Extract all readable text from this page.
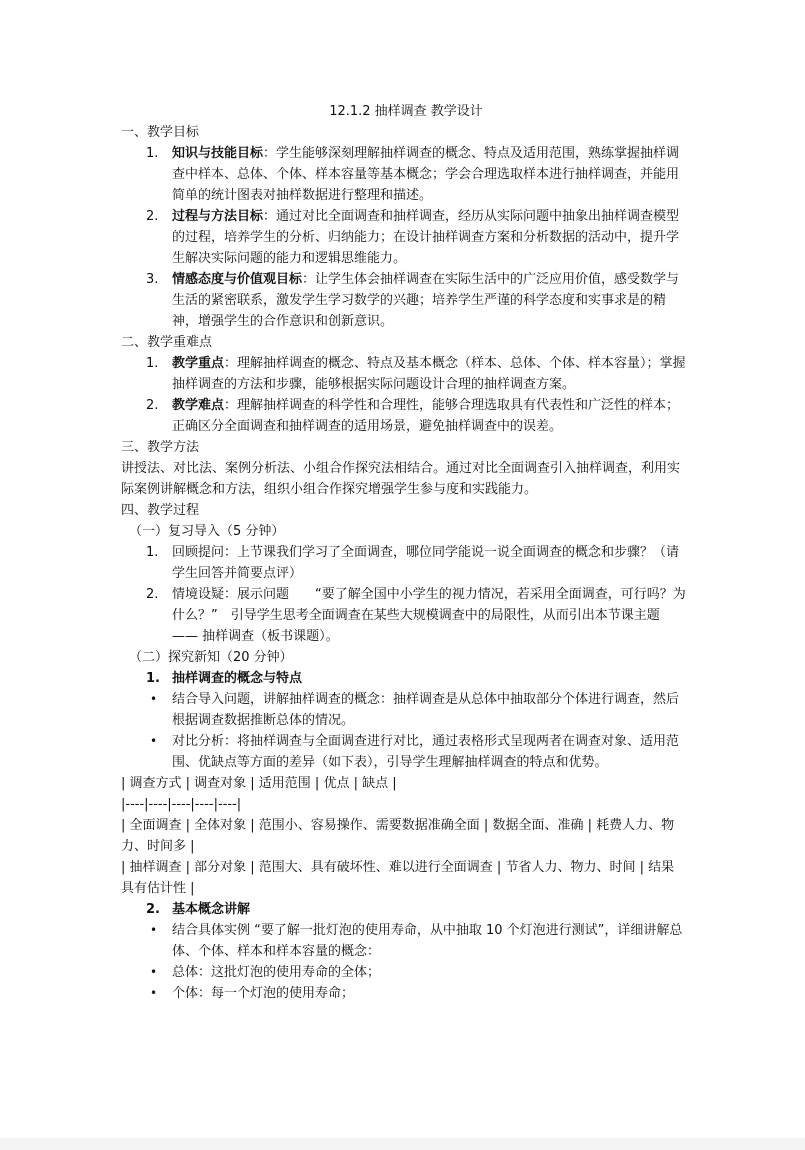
12.1.2 抽样调查 教学设计
一、教学目标
1. 知识与技能目标：学生能够深刻理解抽样调查的概念、特点及适用范围，熟练掌握抽样调查中样本、总体、个体、样本容量等基本概念；学会合理选取样本进行抽样调查，并能用简单的统计图表对抽样数据进行整理和描述。
2. 过程与方法目标：通过对比全面调查和抽样调查，经历从实际问题中抽象出抽样调查模型的过程，培养学生的分析、归纳能力；在设计抽样调查方案和分析数据的活动中，提升学生解决实际问题的能力和逻辑思维能力。
3. 情感态度与价值观目标：让学生体会抽样调查在实际生活中的广泛应用价值，感受数学与生活的紧密联系，激发学生学习数学的兴趣；培养学生严谨的科学态度和实事求是的精神，增强学生的合作意识和创新意识。
二、教学重难点
1. 教学重点：理解抽样调查的概念、特点及基本概念（样本、总体、个体、样本容量）；掌握抽样调查的方法和步骤，能够根据实际问题设计合理的抽样调查方案。
2. 教学难点：理解抽样调查的科学性和合理性，能够合理选取具有代表性和广泛性的样本；正确区分全面调查和抽样调查的适用场景，避免抽样调查中的误差。
三、教学方法
讲授法、对比法、案例分析法、小组合作探究法相结合。通过对比全面调查引入抽样调查，利用实际案例讲解概念和方法，组织小组合作探究增强学生参与度和实践能力。
四、教学过程
（一）复习导入（5 分钟）
1. 回顾提问：上节课我们学习了全面调查，哪位同学能说一说全面调查的概念和步骤？（请学生回答并简要点评）
2. 情境设疑：展示问题　　“要了解全国中小学生的视力情况，若采用全面调查，可行吗？为什么？”　引导学生思考全面调查在某些大规模调查中的局限性，从而引出本节课主题 —— 抽样调查（板书课题）。
（二）探究新知（20 分钟）
1. 抽样调查的概念与特点
• 结合导入问题，讲解抽样调查的概念：抽样调查是从总体中抽取部分个体进行调查，然后根据调查数据推断总体的情况。
• 对比分析：将抽样调查与全面调查进行对比，通过表格形式呈现两者在调查对象、适用范围、优缺点等方面的差异（如下表），引导学生理解抽样调查的特点和优势。
| 调查方式 | 调查对象 | 适用范围 | 优点 | 缺点 |
|----|----|----|----|----|
| 全面调查 | 全体对象 | 范围小、容易操作、需要数据准确全面 | 数据全面、准确 | 耗费人力、物力、时间多 |
| 抽样调查 | 部分对象 | 范围大、具有破坏性、难以进行全面调查 | 节省人力、物力、时间 | 结果具有估计性 |
2. 基本概念讲解
• 结合具体实例 “要了解一批灯泡的使用寿命，从中抽取 10 个灯泡进行测试”，详细讲解总体、个体、样本和样本容量的概念：
• 总体：这批灯泡的使用寿命的全体；
• 个体：每一个灯泡的使用寿命；
